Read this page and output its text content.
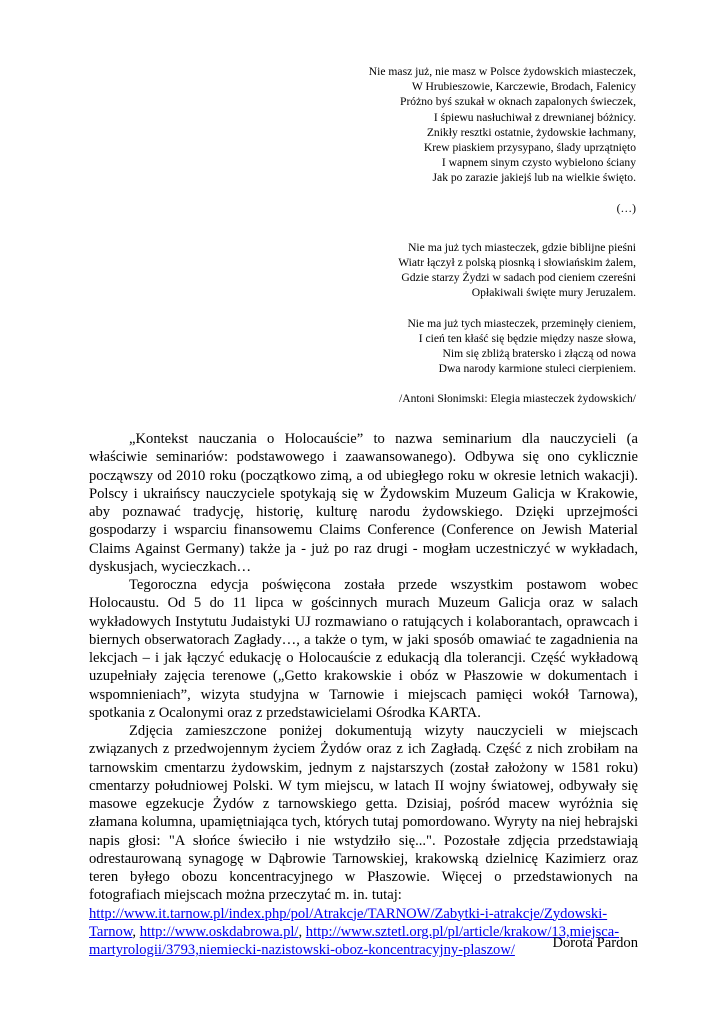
Nie masz już, nie masz w Polsce żydowskich miasteczek,
W Hrubieszowie, Karczewie, Brodach, Falenicy
Próżno byś szukał w oknach zapalonych świeczek,
I śpiewu nasłuchiwał z drewnianej bóżnicy.
Znikły resztki ostatnie, żydowskie łachmany,
Krew piaskiem przysypano, ślady uprzątnięto
I wapnem sinym czysto wybielono ściany
Jak po zarazie jakiejś lub na wielkie święto.
(…)
Nie ma już tych miasteczek, gdzie biblijne pieśni
Wiatr łączył z polską piosnką i słowiańskim żalem,
Gdzie starzy Żydzi w sadach pod cieniem czereśni
Opłakiwali święte mury Jeruzalem.
Nie ma już tych miasteczek, przeminęły cieniem,
I cień ten kłaść się będzie między nasze słowa,
Nim się zbliżą bratersko i złączą od nowa
Dwa narody karmione stuleci cierpieniem.
/Antoni Słonimski: Elegia miasteczek żydowskich/

„Kontekst nauczania o Holocauście” to nazwa seminarium dla nauczycieli (a właściwie seminariów: podstawowego i zaawansowanego). Odbywa się ono cyklicznie począwszy od 2010 roku (początkowo zimą, a od ubiegłego roku w okresie letnich wakacji). Polscy i ukraińscy nauczyciele spotykają się w Żydowskim Muzeum Galicja w Krakowie, aby poznawać tradycję, historię, kulturę narodu żydowskiego. Dzięki uprzejmości gospodarzy i wsparciu finansowemu Claims Conference (Conference on Jewish Material Claims Against Germany) także ja - już po raz drugi - mogłam uczestniczyć w wykładach, dyskusjach, wycieczkach…

Tegoroczna edycja poświęcona została przede wszystkim postawom wobec Holocaustu. Od 5 do 11 lipca w gościnnych murach Muzeum Galicja oraz w salach wykładowych Instytutu Judaistyki UJ rozmawiano o ratujących i kolaborantach, oprawcach i biernych obserwatorach Zagłady…, a także o tym, w jaki sposób omawiać te zagadnienia na lekcjach – i jak łączyć edukację o Holocauście z edukacją dla tolerancji. Część wykładową uzupełniały zajęcia terenowe („Getto krakowskie i obóz w Płaszowie w dokumentach i wspomnieniach”, wizyta studyjna w Tarnowie i miejscach pamięci wokół Tarnowa), spotkania z Ocalonymi oraz z przedstawicielami Ośrodka KARTA.

Zdjęcia zamieszczone poniżej dokumentują wizyty nauczycieli w miejscach związanych z przedwojennym życiem Żydów oraz z ich Zagładą. Część z nich zrobiłam na tarnowskim cmentarzu żydowskim, jednym z najstarszych (został założony w 1581 roku) cmentarzy południowej Polski. W tym miejscu, w latach II wojny światowej, odbywały się masowe egzekucje Żydów z tarnowskiego getta. Dzisiaj, pośród macew wyróżnia się złamana kolumna, upamiętniająca tych, których tutaj pomordowano. Wyryty na niej hebrajski napis głosi: "A słońce świeciło i nie wstydziło się...". Pozostałe zdjęcia przedstawiają odrestaurowaną synagogę w Dąbrowie Tarnowskiej, krakowską dzielnicę Kazimierz oraz teren byłego obozu koncentracyjnego w Płaszowie. Więcej o przedstawionych na fotografiach miejscach można przeczytać m. in. tutaj:

http://www.it.tarnow.pl/index.php/pol/Atrakcje/TARNOW/Zabytki-i-atrakcje/Zydowski-Tarnow, http://www.oskdabrowa.pl/, http://www.sztetl.org.pl/pl/article/krakow/13,miejsca-martyrologii/3793,niemiecki-nazistowski-oboz-koncentracyjny-plaszow/	Dorota Pardon
